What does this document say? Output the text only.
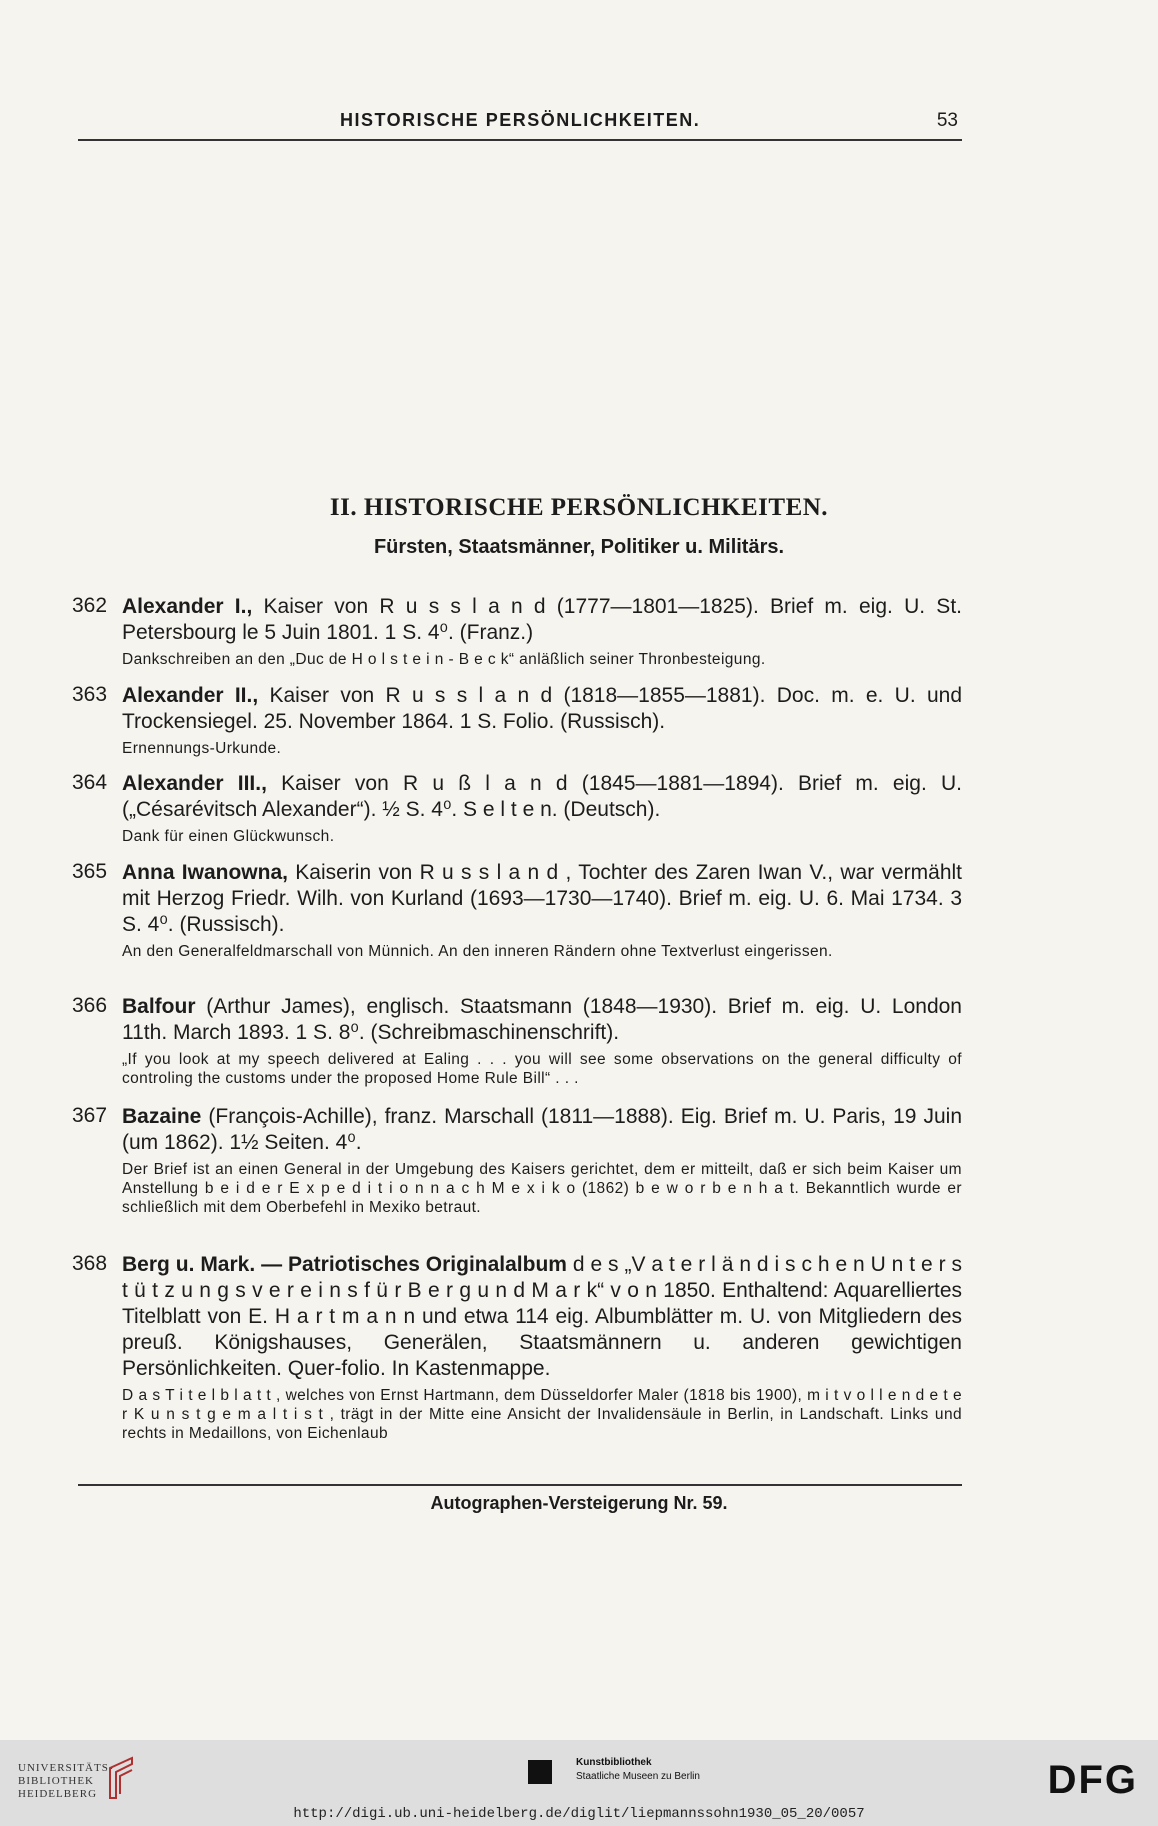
HISTORISCHE PERSÖNLICHKEITEN.	53
II. HISTORISCHE PERSÖNLICHKEITEN.
Fürsten, Staatsmänner, Politiker u. Militärs.
362 Alexander I., Kaiser von R u s s l a n d (1777—1801—1825). Brief m. eig. U. St. Petersbourg le 5 Juin 1801. 1 S. 4⁰. (Franz.)
Dankschreiben an den „Duc de H o l s t e i n - B e c k“ anläßlich seiner Thronbesteigung.
363 Alexander II., Kaiser von R u s s l a n d (1818—1855—1881). Doc. m. e. U. und Trockensiegel. 25. November 1864. 1 S. Folio. (Russisch).
Ernennungs-Urkunde.
364 Alexander III., Kaiser von R u ß l a n d (1845—1881—1894). Brief m. eig. U. („Césarévitsch Alexander“). ½ S. 4⁰. S e l t e n. (Deutsch).
Dank für einen Glückwunsch.
365 Anna Iwanowna, Kaiserin von R u s s l a n d , Tochter des Zaren Iwan V., war vermählt mit Herzog Friedr. Wilh. von Kurland (1693—1730—1740). Brief m. eig. U. 6. Mai 1734. 3 S. 4⁰. (Russisch).
An den Generalfeldmarschall von Münnich. An den inneren Rändern ohne Textverlust eingerissen.
366 Balfour (Arthur James), englisch. Staatsmann (1848—1930). Brief m. eig. U. London 11th. March 1893. 1 S. 8⁰. (Schreibmaschinenschrift).
„If you look at my speech delivered at Ealing . . . you will see some observations on the general difficulty of controling the customs under the proposed Home Rule Bill“ . . .
367 Bazaine (François-Achille), franz. Marschall (1811—1888). Eig. Brief m. U. Paris, 19 Juin (um 1862). 1½ Seiten. 4⁰.
Der Brief ist an einen General in der Umgebung des Kaisers gerichtet, dem er mitteilt, daß er sich beim Kaiser um Anstellung b e i d e r E x p e d i t i o n n a c h M e x i k o (1862) b e w o r b e n h a t. Bekanntlich wurde er schließlich mit dem Oberbefehl in Mexiko betraut.
368 Berg u. Mark. — Patriotisches Originalalbum d e s „V a t e r l ä n d i s c h e n U n t e r s t ü t z u n g s v e r e i n s f ü r B e r g u n d M a r k“ v o n 1850. Enthaltend: Aquarelliertes Titelblatt von E. H a r t m a n n und etwa 114 eig. Albumblätter m. U. von Mitgliedern des preuß. Königshauses, Generälen, Staatsmännern u. anderen gewichtigen Persönlichkeiten. Quer-folio. In Kastenmappe.
D a s T i t e l b l a t t , welches von Ernst Hartmann, dem Düsseldorfer Maler (1818 bis 1900), m i t v o l l e n d e t e r K u n s t g e m a l t i s t , trägt in der Mitte eine Ansicht der Invalidensäule in Berlin, in Landschaft. Links und rechts in Medaillons, von Eichenlaub
Autographen-Versteigerung Nr. 59.
UNIVERSITÄTS-
BIBLIOTHEK
HEIDELBERG
Kunstbibliothek
Staatliche Museen zu Berlin	DFG
http://digi.ub.uni-heidelberg.de/diglit/liepmannssohn1930_05_20/0057
